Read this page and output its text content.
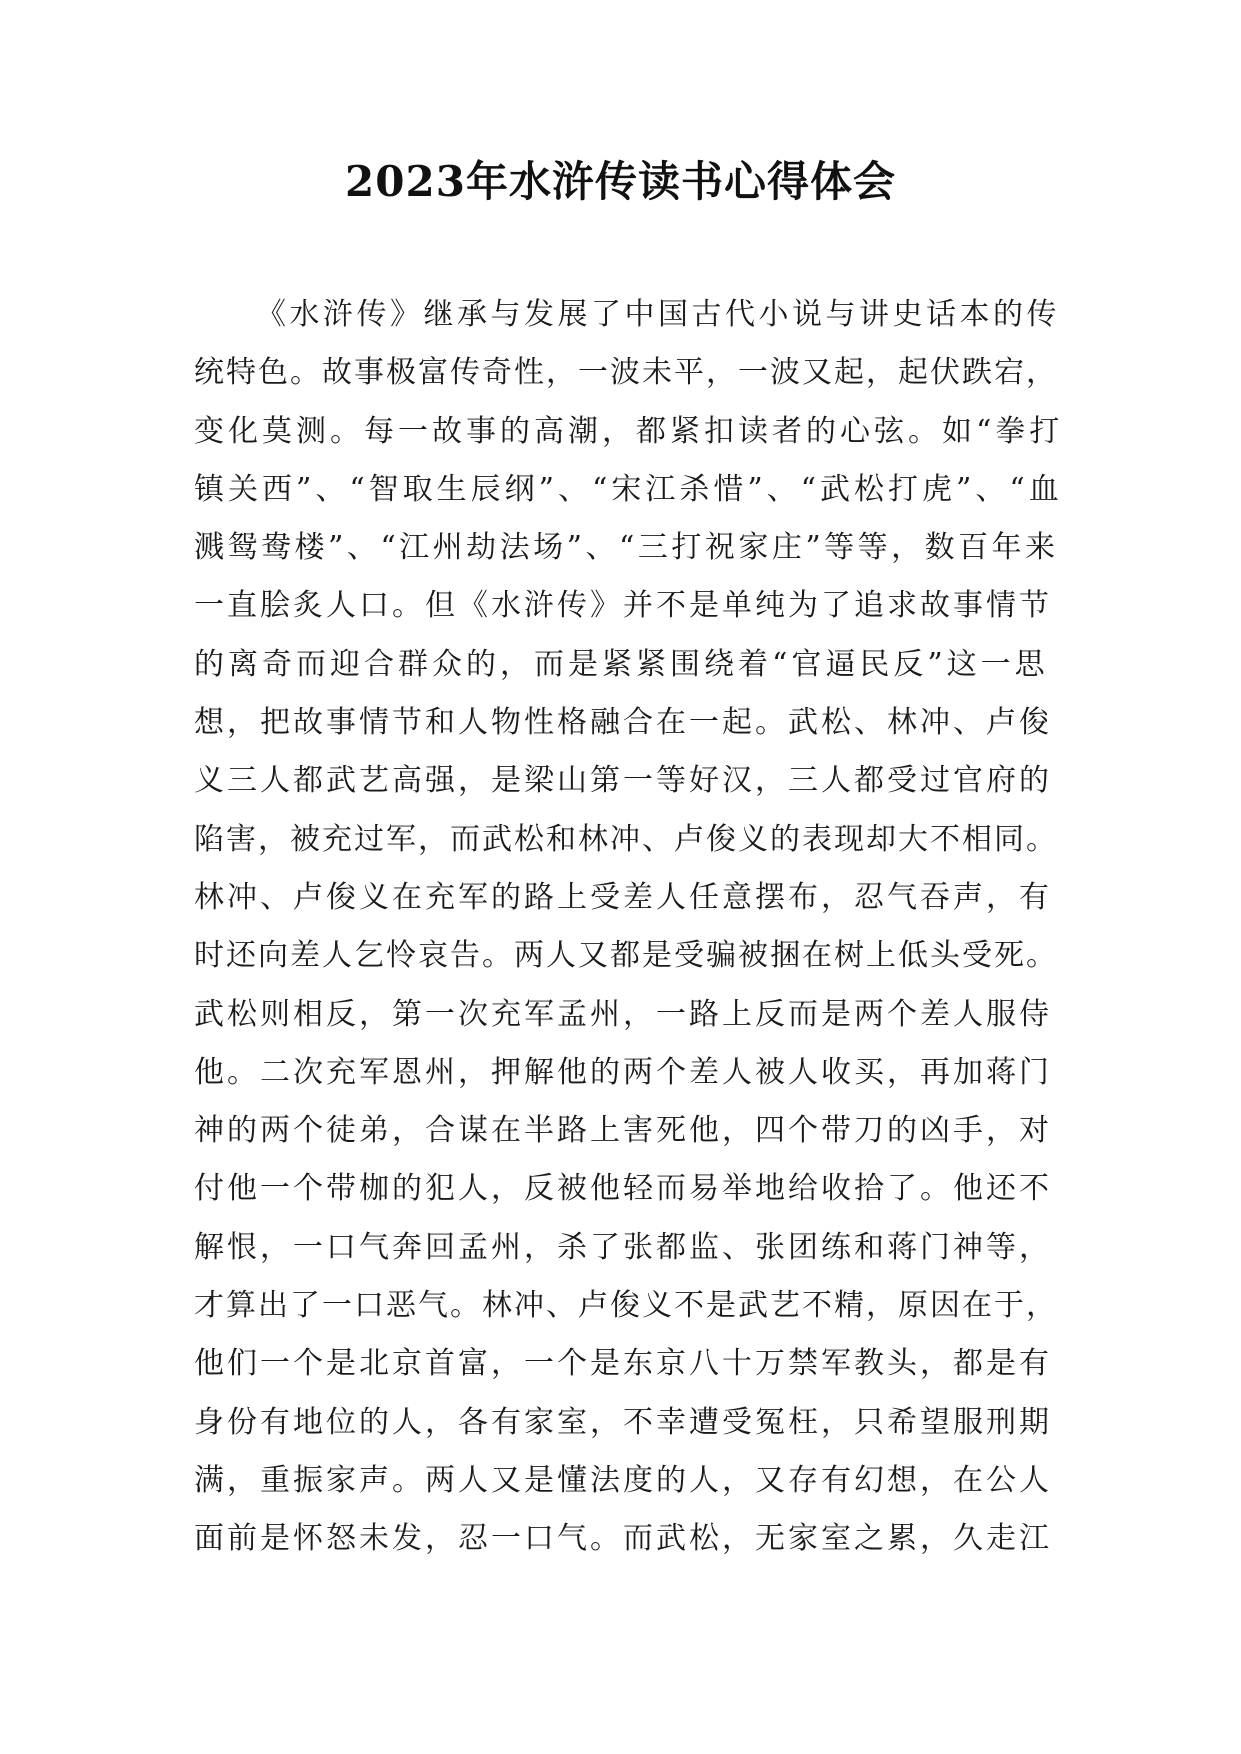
2023年水浒传读书心得体会
《水浒传》继承与发展了中国古代小说与讲史话本的传
统特色。故事极富传奇性，一波未平，一波又起，起伏跌宕，
变化莫测。每一故事的高潮，都紧扣读者的心弦。如“拳打
镇关西”、“智取生辰纲”、“宋江杀惜”、“武松打虎”、“血
溅鸳鸯楼”、“江州劫法场”、“三打祝家庄”等等，数百年来
一直脍炙人口。但《水浒传》并不是单纯为了追求故事情节
的离奇而迎合群众的，而是紧紧围绕着“官逼民反”这一思
想，把故事情节和人物性格融合在一起。武松、林冲、卢俊
义三人都武艺高强，是梁山第一等好汉，三人都受过官府的
陷害，被充过军，而武松和林冲、卢俊义的表现却大不相同。
林冲、卢俊义在充军的路上受差人任意摆布，忍气吞声，有
时还向差人乞怜哀告。两人又都是受骗被捆在树上低头受死。
武松则相反，第一次充军孟州，一路上反而是两个差人服侍
他。二次充军恩州，押解他的两个差人被人收买，再加蒋门
神的两个徒弟，合谋在半路上害死他，四个带刀的凶手，对
付他一个带枷的犯人，反被他轻而易举地给收拾了。他还不
解恨，一口气奔回孟州，杀了张都监、张团练和蒋门神等，
才算出了一口恶气。林冲、卢俊义不是武艺不精，原因在于，
他们一个是北京首富，一个是东京八十万禁军教头，都是有
身份有地位的人，各有家室，不幸遭受冤枉，只希望服刑期
满，重振家声。两人又是懂法度的人，又存有幻想，在公人
面前是怀怒未发，忍一口气。而武松，无家室之累，久走江
